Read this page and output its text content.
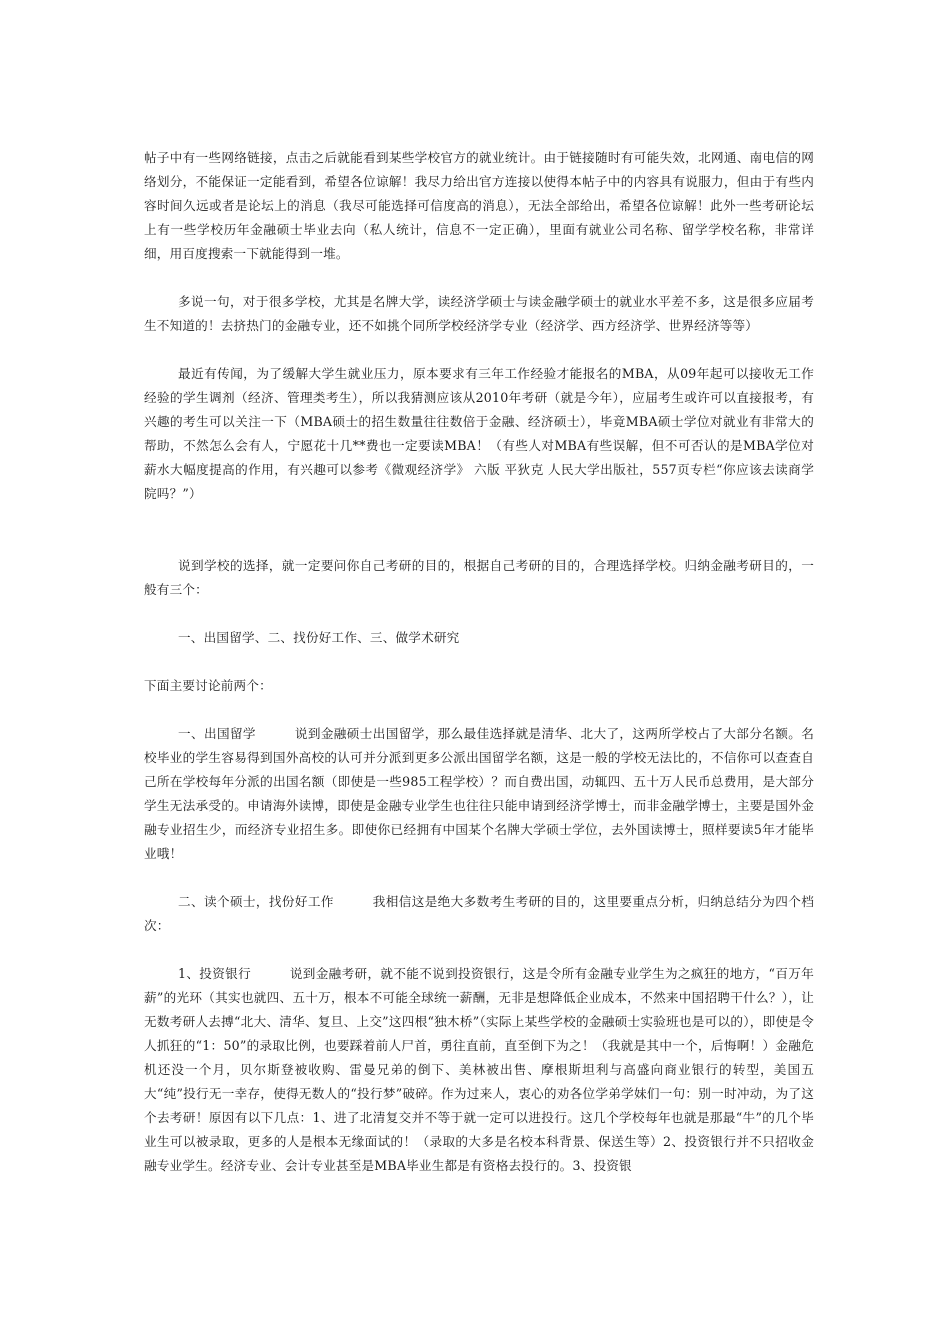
帖子中有一些网络链接，点击之后就能看到某些学校官方的就业统计。由于链接随时有可能失效，北网通、南电信的网络划分，不能保证一定能看到，希望各位谅解！我尽力给出官方连接以使得本帖子中的内容具有说服力，但由于有些内容时间久远或者是论坛上的消息（我尽可能选择可信度高的消息），无法全部给出，希望各位谅解！此外一些考研论坛上有一些学校历年金融硕士毕业去向（私人统计，信息不一定正确），里面有就业公司名称、留学学校名称，非常详细，用百度搜索一下就能得到一堆。

多说一句，对于很多学校，尤其是名牌大学，读经济学硕士与读金融学硕士的就业水平差不多，这是很多应届考生不知道的！去挤热门的金融专业，还不如挑个同所学校经济学专业（经济学、西方经济学、世界经济等等）

最近有传闻，为了缓解大学生就业压力，原本要求有三年工作经验才能报名的MBA，从09年起可以接收无工作经验的学生调剂（经济、管理类考生），所以我猜测应该从2010年考研（就是今年），应届考生或许可以直接报考，有兴趣的考生可以关注一下（MBA硕士的招生数量往往数倍于金融、经济硕士），毕竟MBA硕士学位对就业有非常大的帮助，不然怎么会有人，宁愿花十几**费也一定要读MBA！（有些人对MBA有些误解，但不可否认的是MBA学位对薪水大幅度提高的作用，有兴趣可以参考《微观经济学》 六版 平狄克 人民大学出版社，557页专栏“你应该去读商学院吗？”）

说到学校的选择，就一定要问你自己考研的目的，根据自己考研的目的，合理选择学校。归纳金融考研目的，一般有三个：

一、出国留学、二、找份好工作、三、做学术研究

下面主要讨论前两个：

一、出国留学　　　说到金融硕士出国留学，那么最佳选择就是清华、北大了，这两所学校占了大部分名额。名校毕业的学生容易得到国外高校的认可并分派到更多公派出国留学名额，这是一般的学校无法比的，不信你可以查查自己所在学校每年分派的出国名额（即使是一些985工程学校）？而自费出国，动辄四、五十万人民币总费用，是大部分学生无法承受的。申请海外读博，即使是金融专业学生也往往只能申请到经济学博士，而非金融学博士，主要是国外金融专业招生少，而经济专业招生多。即使你已经拥有中国某个名牌大学硕士学位，去外国读博士，照样要读5年才能毕业哦！

二、读个硕士，找份好工作　　　我相信这是绝大多数考生考研的目的，这里要重点分析，归纳总结分为四个档次：

1、投资银行　　　说到金融考研，就不能不说到投资银行，这是令所有金融专业学生为之疯狂的地方，“百万年薪”的光环（其实也就四、五十万，根本不可能全球统一薪酬，无非是想降低企业成本，不然来中国招聘干什么？），让无数考研人去搏“北大、清华、复旦、上交”这四根“独木桥”（实际上某些学校的金融硕士实验班也是可以的），即使是令人抓狂的“1：50”的录取比例，也要踩着前人尸首，勇往直前，直至倒下为之！（我就是其中一个，后悔啊！）金融危机还没一个月，贝尔斯登被收购、雷曼兄弟的倒下、美林被出售、摩根斯坦利与高盛向商业银行的转型，美国五大“纯”投行无一幸存，使得无数人的“投行梦”破碎。作为过来人，衷心的劝各位学弟学妹们一句：别一时冲动，为了这个去考研！原因有以下几点：1、进了北清复交并不等于就一定可以进投行。这几个学校每年也就是那最“牛”的几个毕业生可以被录取，更多的人是根本无缘面试的！（录取的大多是名校本科背景、保送生等）2、投资银行并不只招收金融专业学生。经济专业、会计专业甚至是MBA毕业生都是有资格去投行的。3、投资银
